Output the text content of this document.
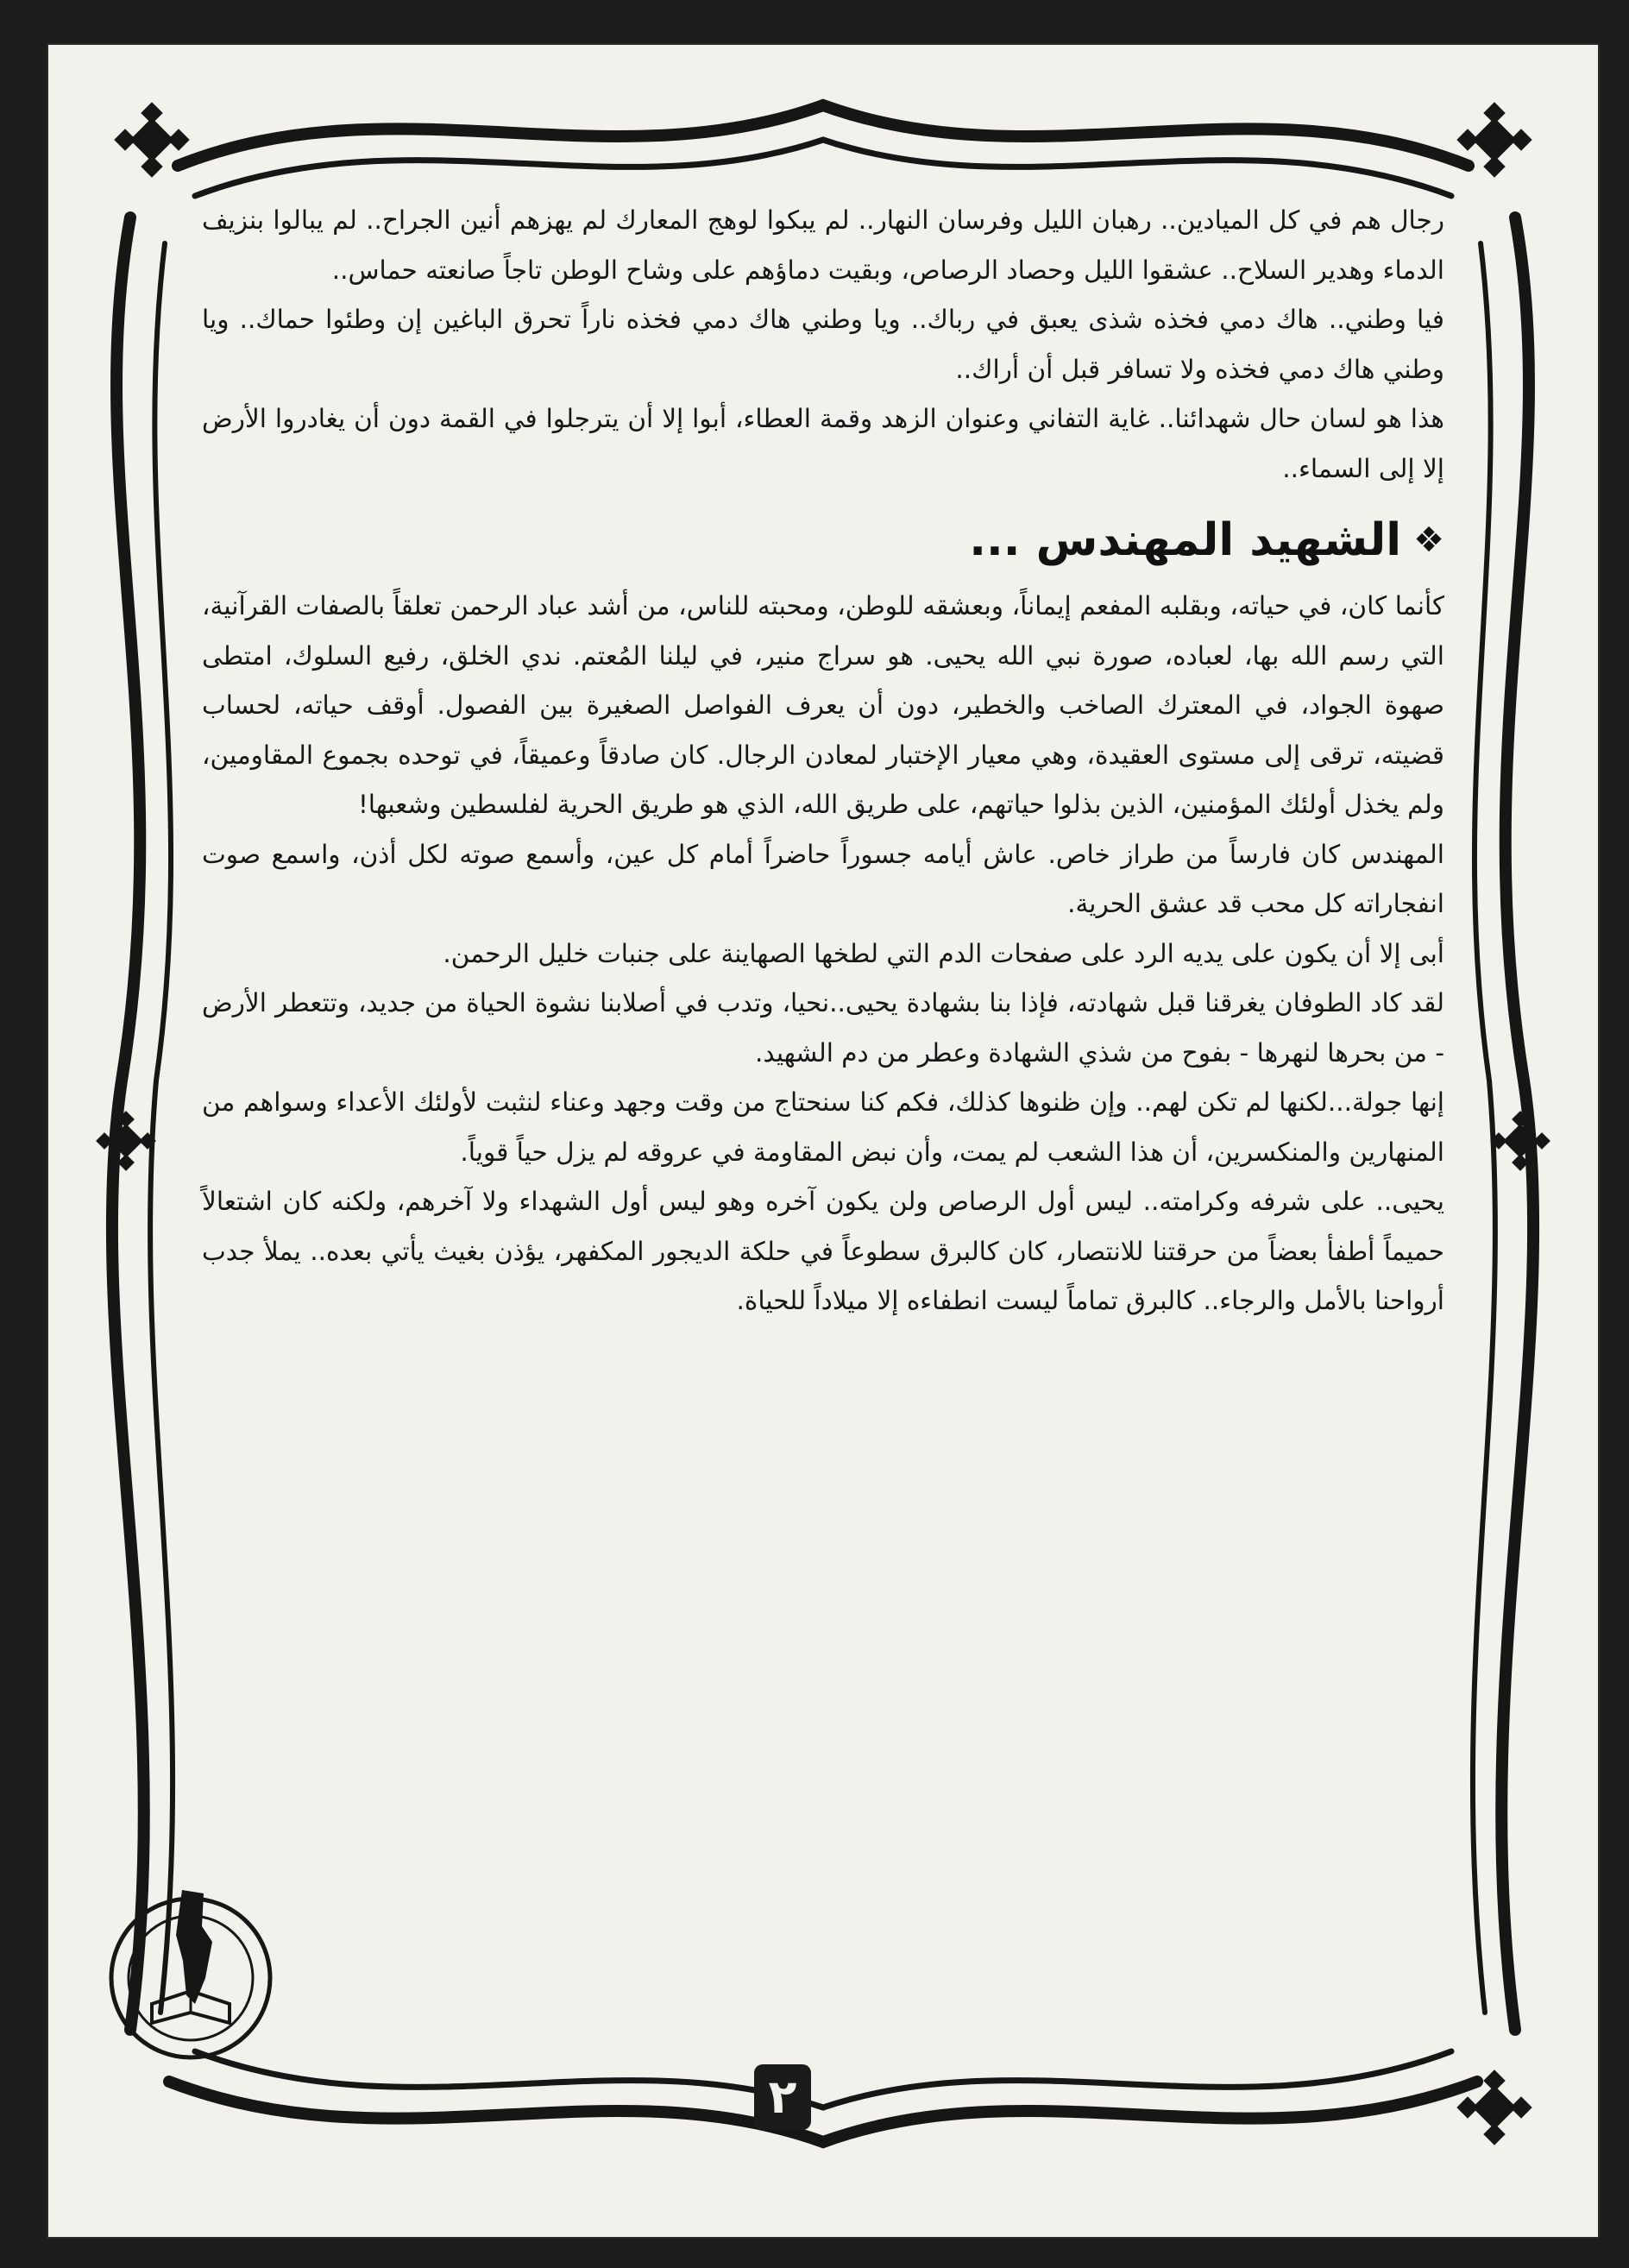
رجال هم في كل الميادين.. رهبان الليل وفرسان النهار.. لم يبكوا لوهج المعارك لم يهزهم أنين الجراح.. لم يبالوا بنزيف الدماء وهدير السلاح.. عشقوا الليل وحصاد الرصاص، وبقيت دماؤهم على وشاح الوطن تاجاً صانعته حماس..

فيا وطني.. هاك دمي فخذه شذى يعبق في رباك.. ويا وطني هاك دمي فخذه ناراً تحرق الباغين إن وطئوا حماك.. ويا وطني هاك دمي فخذه ولا تسافر قبل أن أراك..

هذا هو لسان حال شهدائنا.. غاية التفاني وعنوان الزهد وقمة العطاء، أبوا إلا أن يترجلوا في القمة دون أن يغادروا الأرض إلا إلى السماء..

❖الشهيد المهندس ...

كأنما كان، في حياته، وبقلبه المفعم إيماناً، وبعشقه للوطن، ومحبته للناس، من أشد عباد الرحمن تعلقاً بالصفات القرآنية، التي رسم الله بها، لعباده، صورة نبي الله يحيى. هو سراج منير، في ليلنا المُعتم. ندي الخلق، رفيع السلوك، امتطى صهوة الجواد، في المعترك الصاخب والخطير، دون أن يعرف الفواصل الصغيرة بين الفصول. أوقف حياته، لحساب قضيته، ترقى إلى مستوى العقيدة، وهي معيار الإختبار لمعادن الرجال. كان صادقاً وعميقاً، في توحده بجموع المقاومين، ولم يخذل أولئك المؤمنين، الذين بذلوا حياتهم، على طريق الله، الذي هو طريق الحرية لفلسطين وشعبها!

المهندس كان فارساً من طراز خاص. عاش أيامه جسوراً حاضراً أمام كل عين، وأسمع صوته لكل أذن، واسمع صوت انفجاراته كل محب قد عشق الحرية.

أبى إلا أن يكون على يديه الرد على صفحات الدم التي لطخها الصهاينة على جنبات خليل الرحمن.

لقد كاد الطوفان يغرقنا قبل شهادته، فإذا بنا بشهادة يحيى..نحيا، وتدب في أصلابنا نشوة الحياة من جديد، وتتعطر الأرض - من بحرها لنهرها - بفوح من شذي الشهادة وعطر من دم الشهيد.

إنها جولة...لكنها لم تكن لهم.. وإن ظنوها كذلك، فكم كنا سنحتاج من وقت وجهد وعناء لنثبت لأولئك الأعداء وسواهم من المنهارين والمنكسرين، أن هذا الشعب لم يمت، وأن نبض المقاومة في عروقه لم يزل حياً قوياً.

يحيى.. على شرفه وكرامته.. ليس أول الرصاص ولن يكون آخره وهو ليس أول الشهداء ولا آخرهم، ولكنه كان اشتعالاً حميماً أطفأ بعضاً من حرقتنا للانتصار، كان كالبرق سطوعاً في حلكة الديجور المكفهر، يؤذن بغيث يأتي بعده.. يملأ جدب أرواحنا بالأمل والرجاء.. كالبرق تماماً ليست انطفاءه إلا ميلاداً للحياة.

٢
